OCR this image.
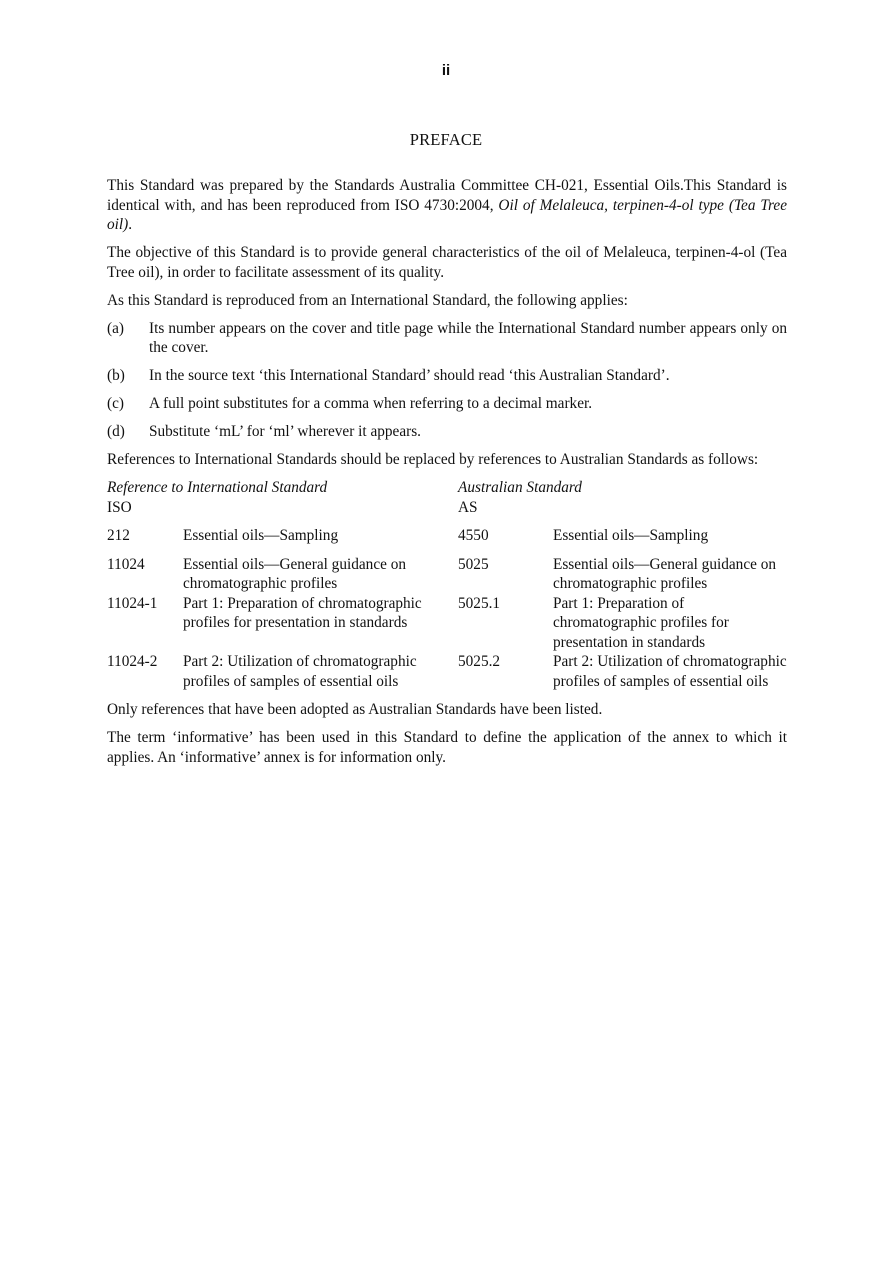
ii
PREFACE

This Standard was prepared by the Standards Australia Committee CH-021, Essential Oils.This Standard is identical with, and has been reproduced from ISO 4730:2004, Oil of Melaleuca, terpinen-4-ol type (Tea Tree oil).

The objective of this Standard is to provide general characteristics of the oil of Melaleuca, terpinen-4-ol (Tea Tree oil), in order to facilitate assessment of its quality.

As this Standard is reproduced from an International Standard, the following applies:

(a) Its number appears on the cover and title page while the International Standard number appears only on the cover.
(b) In the source text ‘this International Standard’ should read ‘this Australian Standard’.
(c) A full point substitutes for a comma when referring to a decimal marker.
(d) Substitute ‘mL’ for ‘ml’ wherever it appears.

References to International Standards should be replaced by references to Australian Standards as follows:

Reference to International Standard
ISO
Australian Standard
AS
212	Essential oils—Sampling	4550	Essential oils—Sampling
11024	Essential oils—General guidance on chromatographic profiles	5025	Essential oils—General guidance on chromatographic profiles
11024-1	Part 1: Preparation of chromatographic profiles for presentation in standards	5025.1	Part 1: Preparation of chromatographic profiles for presentation in standards
11024-2	Part 2: Utilization of chromatographic profiles of samples of essential oils	5025.2	Part 2: Utilization of chromatographic profiles of samples of essential oils

Only references that have been adopted as Australian Standards have been listed.

The term ‘informative’ has been used in this Standard to define the application of the annex to which it applies. An ‘informative’ annex is for information only.
